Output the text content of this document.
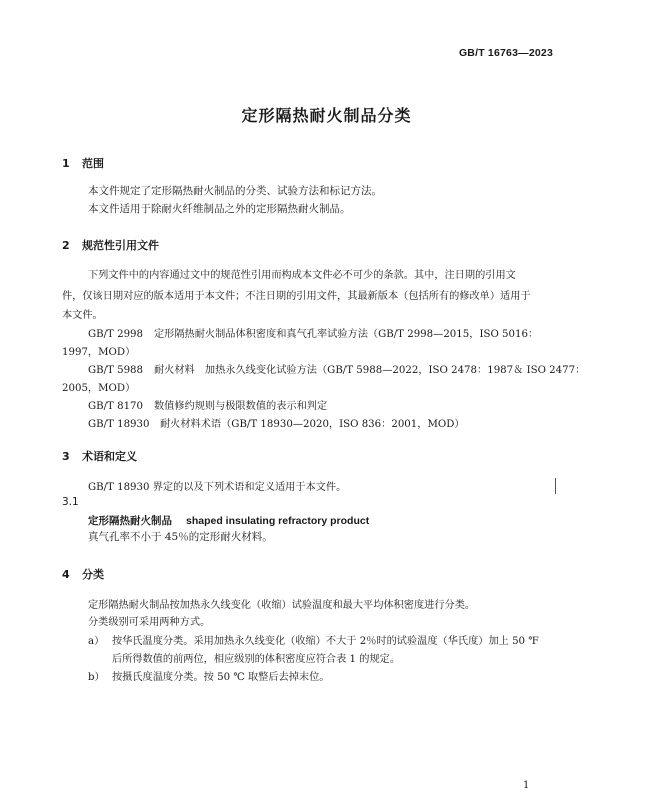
GB/T 16763—2023
定形隔热耐火制品分类
1 范围
本文件规定了定形隔热耐火制品的分类、试验方法和标记方法。
本文件适用于除耐火纤维制品之外的定形隔热耐火制品。
2 规范性引用文件
下列文件中的内容通过文中的规范性引用而构成本文件必不可少的条款。其中，注日期的引用文
件，仅该日期对应的版本适用于本文件；不注日期的引用文件，其最新版本（包括所有的修改单）适用于
本文件。
GB/T 2998 定形隔热耐火制品体积密度和真气孔率试验方法（GB/T 2998—2015，ISO 5016：
1997，MOD）
GB/T 5988 耐火材料　加热永久线变化试验方法（GB/T 5988—2022，ISO 2478：1987＆ ISO 2477：
2005，MOD）
GB/T 8170 数值修约规则与极限数值的表示和判定
GB/T 18930 耐火材料术语（GB/T 18930—2020，ISO 836：2001，MOD）
3 术语和定义
GB/T 18930 界定的以及下列术语和定义适用于本文件。
3.1
定形隔热耐火制品 shaped insulating refractory product
真气孔率不小于 45％的定形耐火材料。
4 分类
定形隔热耐火制品按加热永久线变化（收缩）试验温度和最大平均体积密度进行分类。
分类级别可采用两种方式。
a） 按华氏温度分类。采用加热永久线变化（收缩）不大于 2％时的试验温度（华氏度）加上 50 ℉
后所得数值的前两位，相应级别的体积密度应符合表 1 的规定。
b） 按摄氏度温度分类。按 50 ℃ 取整后去掉末位。
1
